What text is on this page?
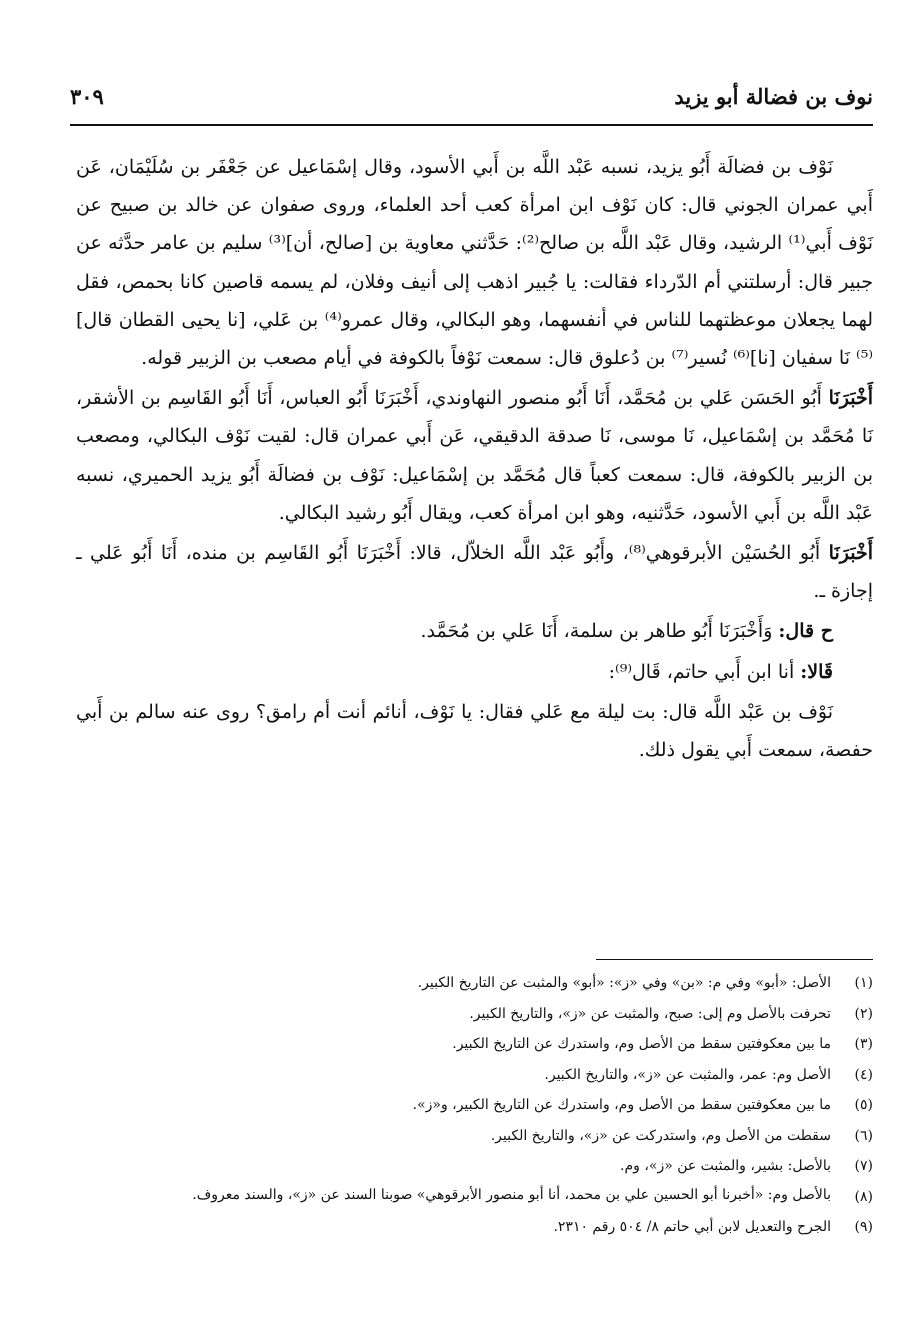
نوف بن فضالة أبو يزيد
٣٠٩

نَوْف بن فضالَة أَبُو يزيد، نسبه عَبْد اللَّه بن أَبي الأسود، وقال إسْمَاعيل عن جَعْفَر بن سُلَيْمَان، عَن أَبي عمران الجوني قال: كان نَوْف ابن امرأة كعب أحد العلماء، وروى صفوان عن خالد بن صبيح عن نَوْف أَبي⁽¹⁾ الرشيد، وقال عَبْد اللَّه بن صالح⁽²⁾: حَدَّثني معاوية بن [صالح، أن]⁽³⁾ سليم بن عامر حدَّثه عن جبير قال: أرسلتني أم الدّرداء فقالت: يا جُبير اذهب إلى أنيف وفلان، لم يسمه قاصين كانا بحمص، فقل لهما يجعلان موعظتهما للناس في أنفسهما، وهو البكالي، وقال عمرو⁽⁴⁾ بن عَلي، [نا يحيى القطان قال]⁽⁵⁾ نَا سفيان [نا]⁽⁶⁾ نُسير⁽⁷⁾ بن دُعلوق قال: سمعت نَوْفاً بالكوفة في أيام مصعب بن الزبير قوله.

أَخْبَرَنَا أَبُو الحَسَن عَلي بن مُحَمَّد، أَنَا أَبُو منصور النهاوندي، أَخْبَرَنَا أَبُو العباس، أَنَا أَبُو القَاسِم بن الأشقر، نَا مُحَمَّد بن إسْمَاعيل، نَا موسى، نَا صدقة الدقيقي، عَن أَبي عمران قال: لقيت نَوْف البكالي، ومصعب بن الزبير بالكوفة، قال: سمعت كعباً قال مُحَمَّد بن إسْمَاعيل: نَوْف بن فضالَة أَبُو يزيد الحميري، نسبه عَبْد اللَّه بن أَبي الأسود، حَدَّثنيه، وهو ابن امرأة كعب، ويقال أَبُو رشيد البكالي.

أَخْبَرَنَا أَبُو الحُسَيْن الأبرقوهي⁽⁸⁾، وأَبُو عَبْد اللَّه الخلاّل، قالا: أَخْبَرَنَا أَبُو القَاسِم بن منده، أَنَا أَبُو عَلي ـ إجازة ـ.

ح قال: وَأَخْبَرَنَا أَبُو طاهر بن سلمة، أَنَا عَلي بن مُحَمَّد.

قَالا: أنا ابن أَبي حاتم، قَال⁽⁹⁾:

نَوْف بن عَبْد اللَّه قال: بت ليلة مع عَلي فقال: يا نَوْف، أنائم أنت أم رامق؟ روى عنه سالم بن أَبي حفصة، سمعت أَبي يقول ذلك.

(١)
الأصل: «أبو» وفي م: «بن» وفي «ز»: «أبو» والمثبت عن التاريخ الكبير.
(٢)
تحرفت بالأصل وم إلى: صبح، والمثبت عن «ز»، والتاريخ الكبير.
(٣)
ما بين معكوفتين سقط من الأصل وم، واستدرك عن التاريخ الكبير.
(٤)
الأصل وم: عمر، والمثبت عن «ز»، والتاريخ الكبير.
(٥)
ما بين معكوفتين سقط من الأصل وم، واستدرك عن التاريخ الكبير، و«ز».
(٦)
سقطت من الأصل وم، واستدركت عن «ز»، والتاريخ الكبير.
(٧)
بالأصل: بشير، والمثبت عن «ز»، وم.
(٨)
بالأصل وم: «أخبرنا أبو الحسين علي بن محمد، أنا أبو منصور الأبرقوهي» صوبنا السند عن «ز»، والسند معروف.
(٩)
الجرح والتعديل لابن أبي حاتم ٨/ ٥٠٤ رقم ٢٣١٠.
